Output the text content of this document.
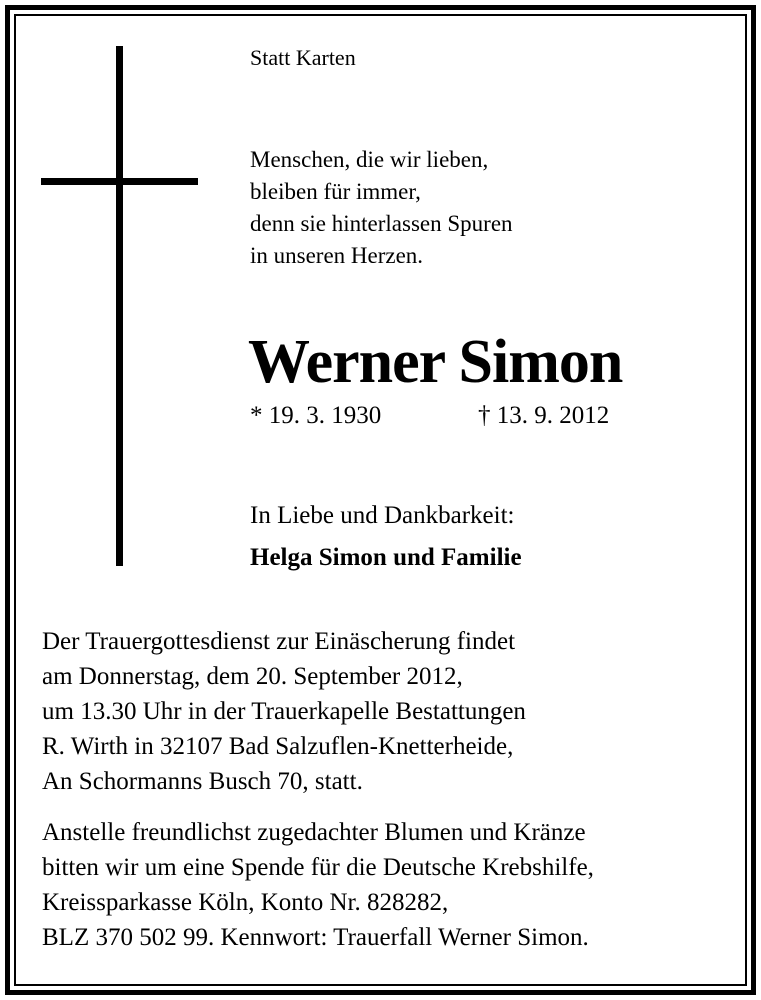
Statt Karten
Menschen, die wir lieben,
bleiben für immer,
denn sie hinterlassen Spuren
in unseren Herzen.
Werner Simon
* 19. 3. 1930	† 13. 9. 2012
In Liebe und Dankbarkeit:
Helga Simon und Familie
Der Trauergottesdienst zur Einäscherung findet
am Donnerstag, dem 20. September 2012,
um 13.30 Uhr in der Trauerkapelle Bestattungen
R. Wirth in 32107 Bad Salzuflen-Knetterheide,
An Schormanns Busch 70, statt.
Anstelle freundlichst zugedachter Blumen und Kränze
bitten wir um eine Spende für die Deutsche Krebshilfe,
Kreissparkasse Köln, Konto Nr. 828282,
BLZ 370 502 99. Kennwort: Trauerfall Werner Simon.
